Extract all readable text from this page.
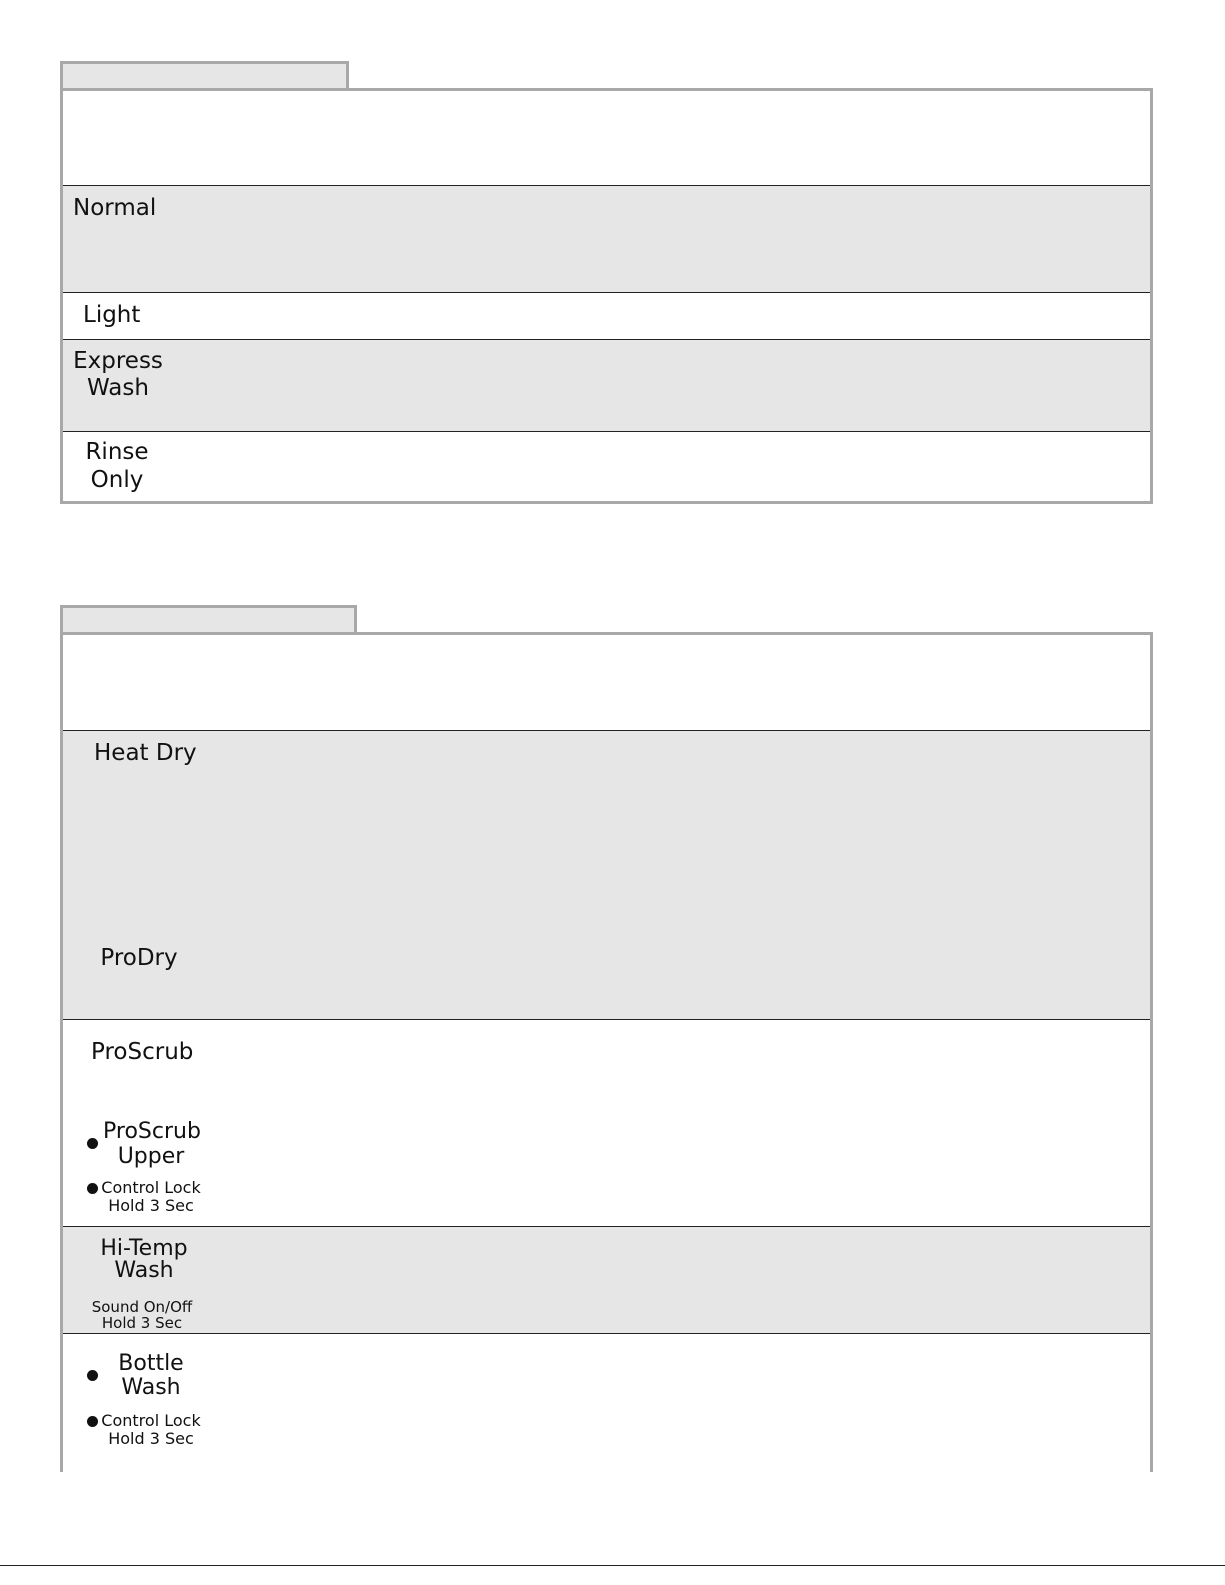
Normal
Light
Express
Wash
Rinse
Only
Heat Dry
ProDry
ProScrub
ProScrub
Upper
Control Lock
Hold 3 Sec
Hi-Temp
Wash
Sound On/Off
Hold 3 Sec
Bottle
Wash
Control Lock
Hold 3 Sec
